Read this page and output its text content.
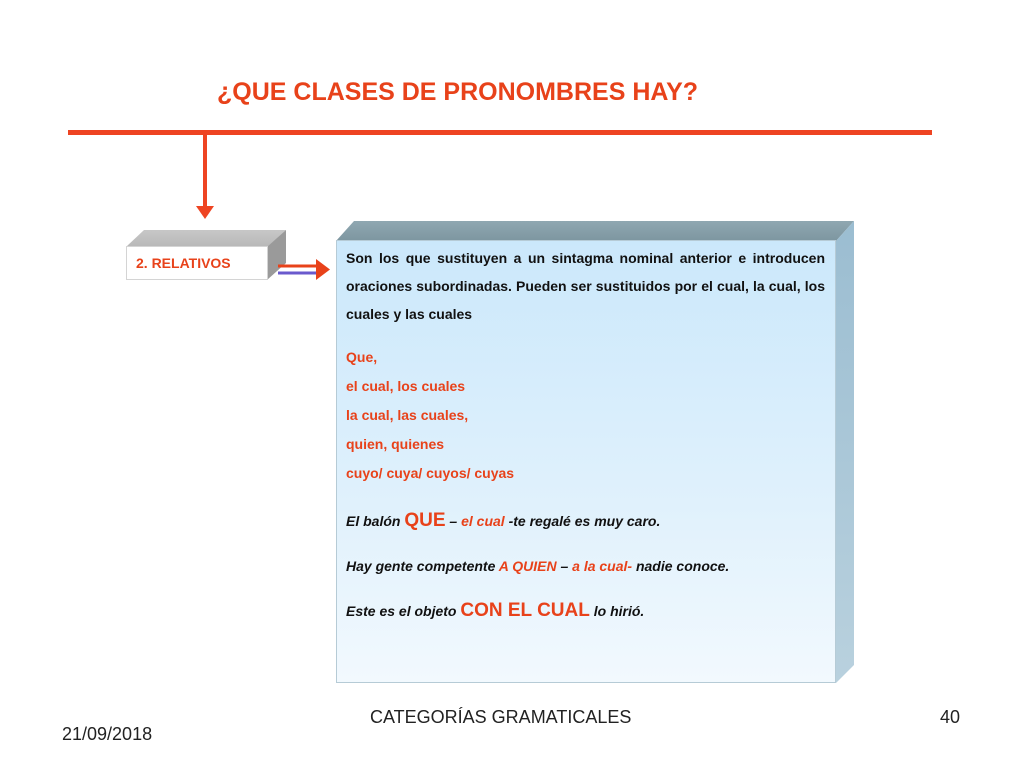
¿QUE CLASES DE PRONOMBRES HAY?
2. RELATIVOS	Son los que sustituyen a un sintagma nominal anterior e introducen oraciones subordinadas. Pueden ser sustituidos por el cual, la cual, los cuales y las cuales

Que,
el cual, los cuales
la cual, las cuales,
quien, quienes
cuyo/ cuya/ cuyos/ cuyas

El balón QUE – el cual -te regalé es muy caro.

Hay gente competente A QUIEN – a la cual- nadie conoce.

Este es el objeto CON EL CUAL lo hirió.

21/09/2018
CATEGORÍAS GRAMATICALES	40
